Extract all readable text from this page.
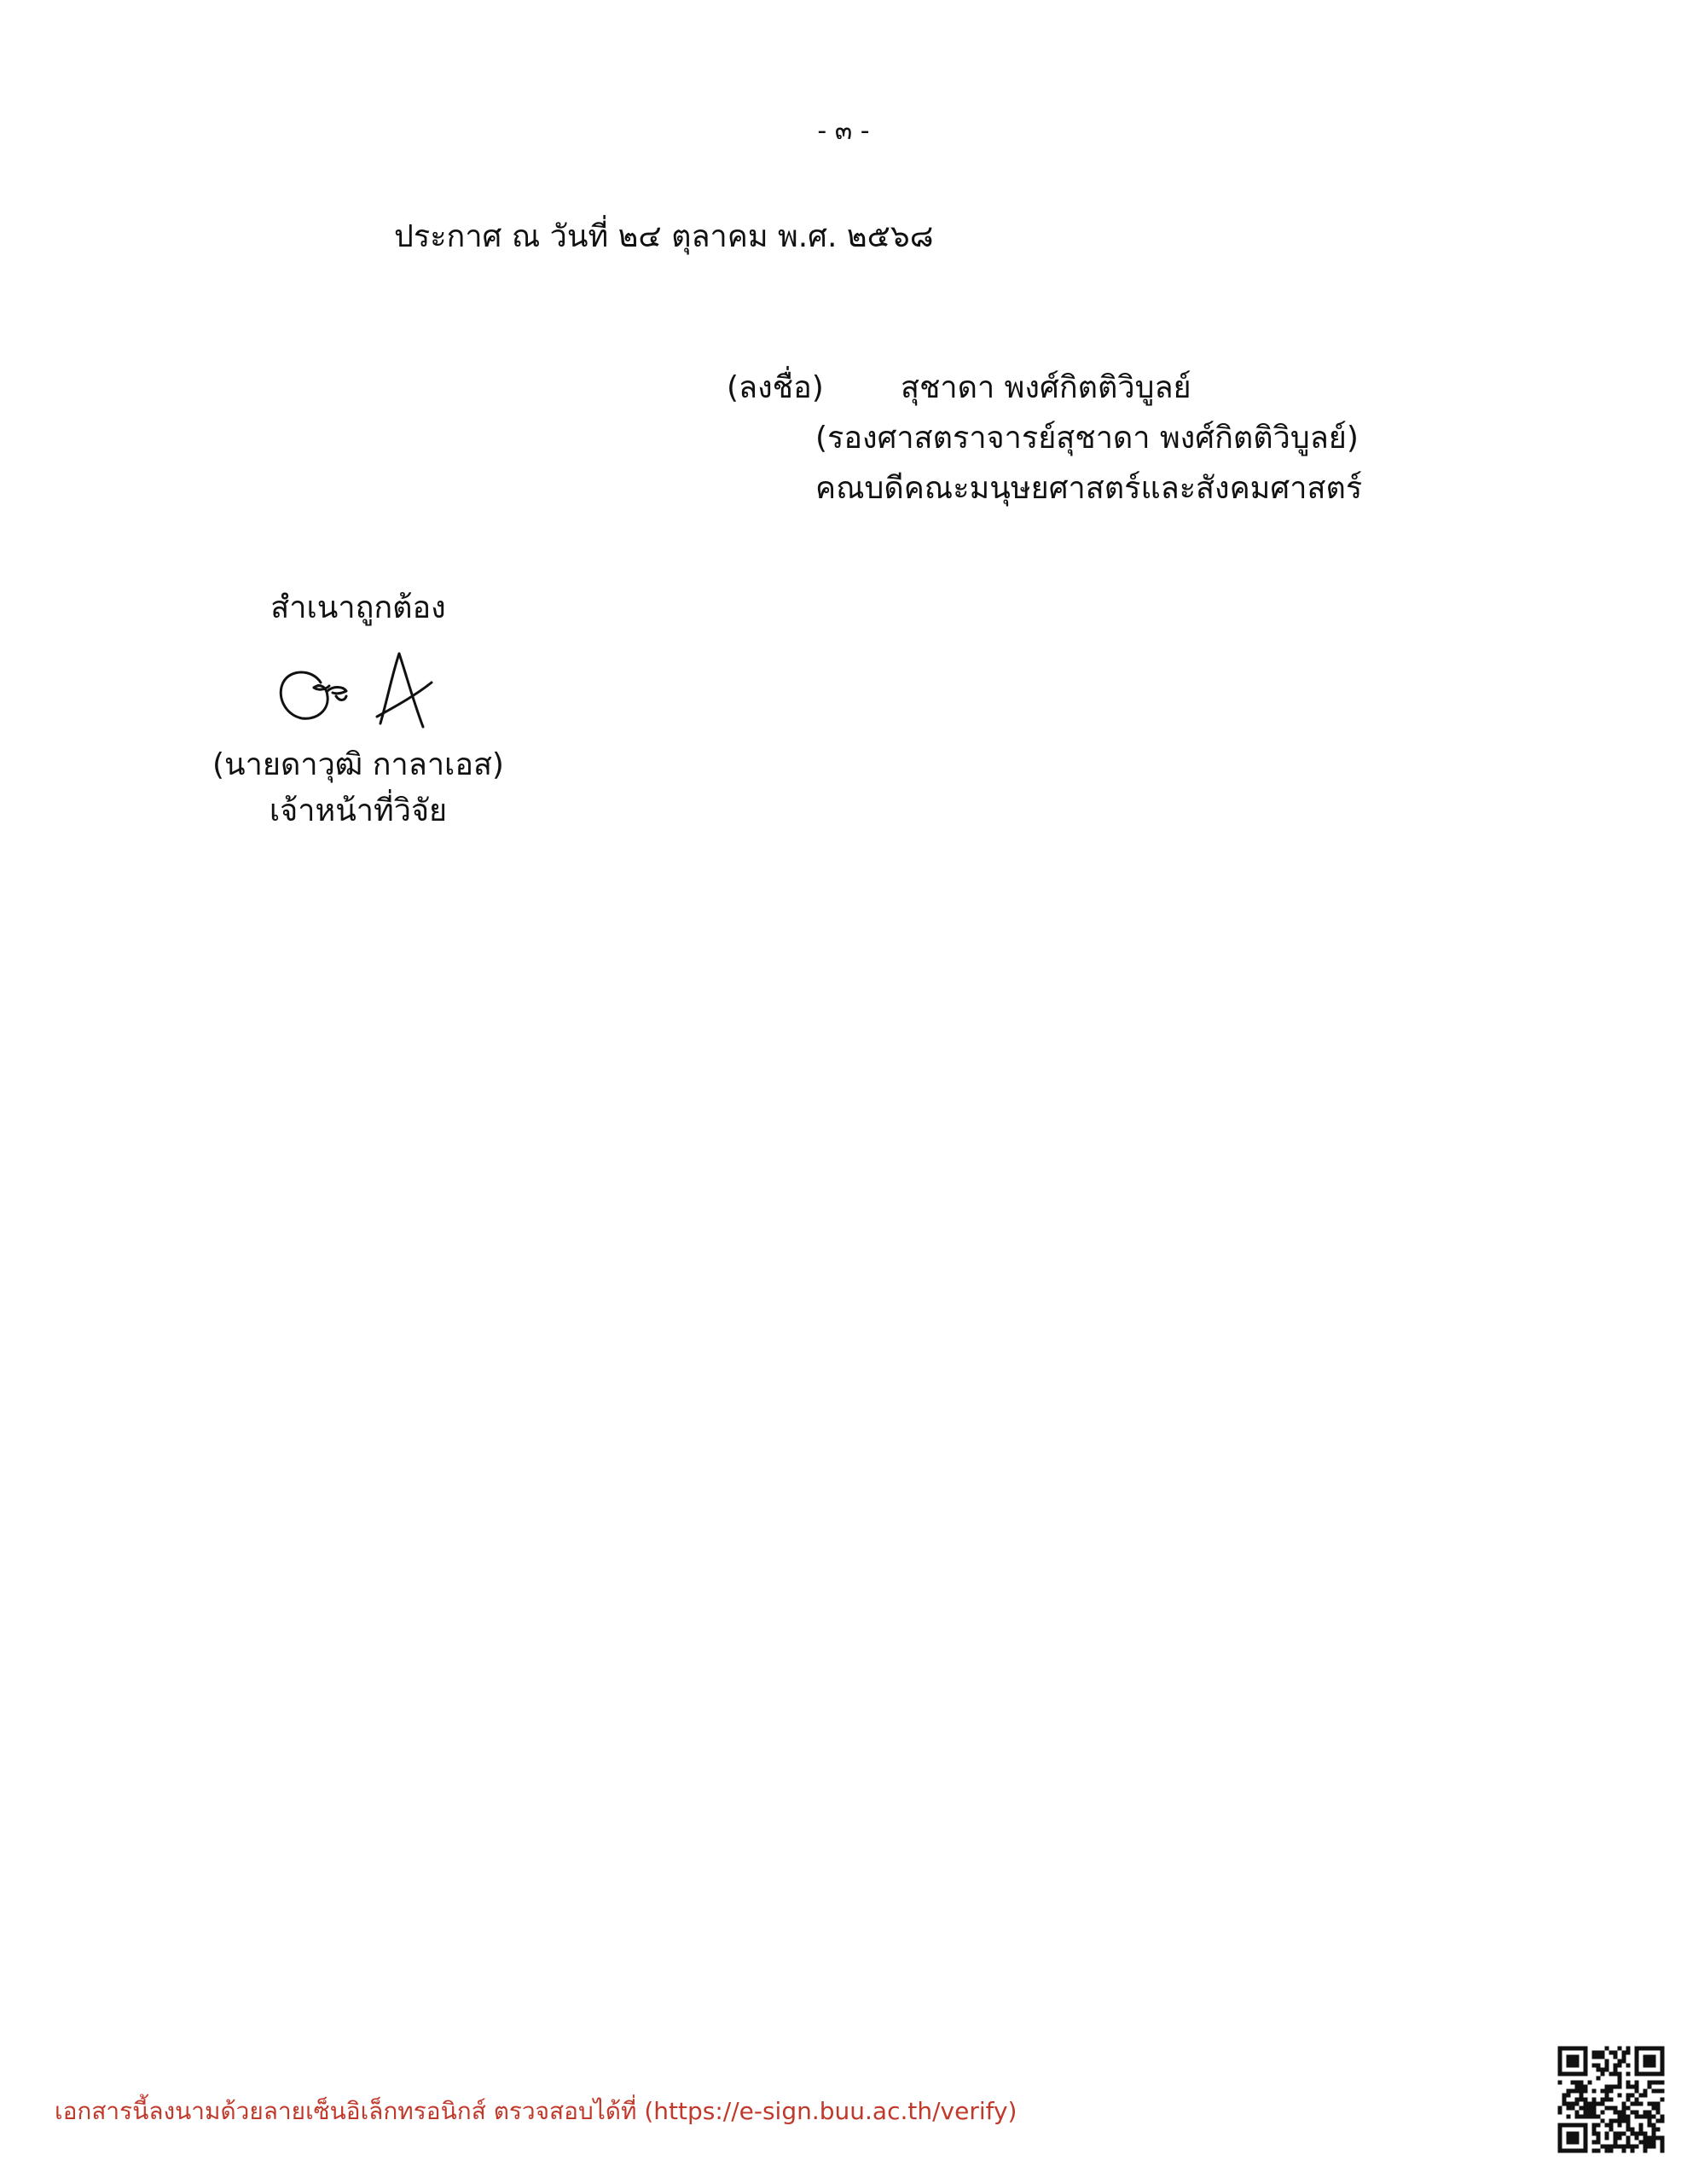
- ๓ -
ประกาศ ณ วันที่ ๒๔ ตุลาคม พ.ศ. ๒๕๖๘
(ลงชื่อ)	สุชาดา พงศ์กิตติวิบูลย์
(รองศาสตราจารย์สุชาดา พงศ์กิตติวิบูลย์)
คณบดีคณะมนุษยศาสตร์และสังคมศาสตร์
สำเนาถูกต้อง
(นายดาวุฒิ กาลาเอส)
เจ้าหน้าที่วิจัย
เอกสารนี้ลงนามด้วยลายเซ็นอิเล็กทรอนิกส์ ตรวจสอบได้ที่ (https://e-sign.buu.ac.th/verify)
